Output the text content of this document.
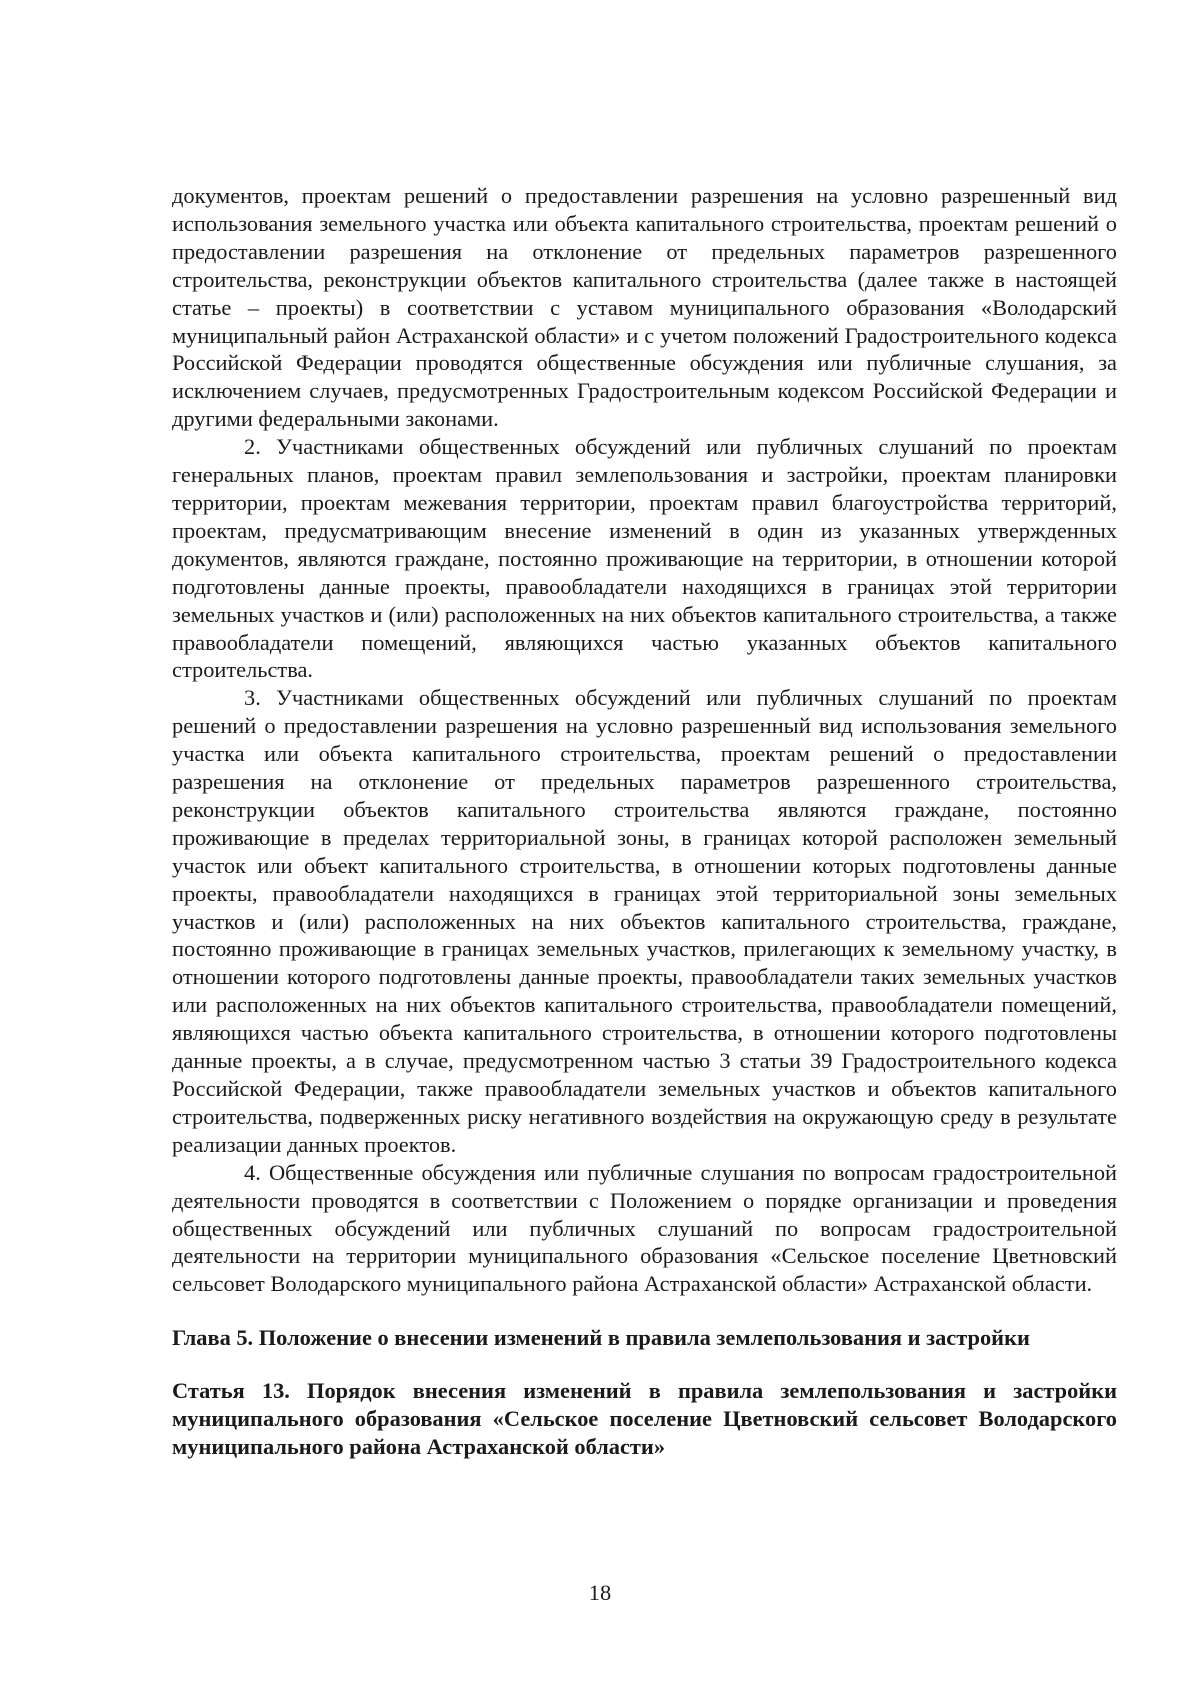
документов, проектам решений о предоставлении разрешения на условно разрешенный вид использования земельного участка или объекта капитального строительства, проектам решений о предоставлении разрешения на отклонение от предельных параметров разрешенного строительства, реконструкции объектов капитального строительства (далее также в настоящей статье – проекты) в соответствии с уставом муниципального образования «Володарский муниципальный район Астраханской области» и с учетом положений Градостроительного кодекса Российской Федерации проводятся общественные обсуждения или публичные слушания, за исключением случаев, предусмотренных Градостроительным кодексом Российской Федерации и другими федеральными законами.

2. Участниками общественных обсуждений или публичных слушаний по проектам генеральных планов, проектам правил землепользования и застройки, проектам планировки территории, проектам межевания территории, проектам правил благоустройства территорий, проектам, предусматривающим внесение изменений в один из указанных утвержденных документов, являются граждане, постоянно проживающие на территории, в отношении которой подготовлены данные проекты, правообладатели находящихся в границах этой территории земельных участков и (или) расположенных на них объектов капитального строительства, а также правообладатели помещений, являющихся частью указанных объектов капитального строительства.

3. Участниками общественных обсуждений или публичных слушаний по проектам решений о предоставлении разрешения на условно разрешенный вид использования земельного участка или объекта капитального строительства, проектам решений о предоставлении разрешения на отклонение от предельных параметров разрешенного строительства, реконструкции объектов капитального строительства являются граждане, постоянно проживающие в пределах территориальной зоны, в границах которой расположен земельный участок или объект капитального строительства, в отношении которых подготовлены данные проекты, правообладатели находящихся в границах этой территориальной зоны земельных участков и (или) расположенных на них объектов капитального строительства, граждане, постоянно проживающие в границах земельных участков, прилегающих к земельному участку, в отношении которого подготовлены данные проекты, правообладатели таких земельных участков или расположенных на них объектов капитального строительства, правообладатели помещений, являющихся частью объекта капитального строительства, в отношении которого подготовлены данные проекты, а в случае, предусмотренном частью 3 статьи 39 Градостроительного кодекса Российской Федерации, также правообладатели земельных участков и объектов капитального строительства, подверженных риску негативного воздействия на окружающую среду в результате реализации данных проектов.

4. Общественные обсуждения или публичные слушания по вопросам градостроительной деятельности проводятся в соответствии с Положением о порядке организации и проведения общественных обсуждений или публичных слушаний по вопросам градостроительной деятельности на территории муниципального образования «Сельское поселение Цветновский сельсовет Володарского муниципального района Астраханской области» Астраханской области.

Глава 5. Положение о внесении изменений в правила землепользования и застройки

Статья 13. Порядок внесения изменений в правила землепользования и застройки муниципального образования «Сельское поселение Цветновский сельсовет Володарского муниципального района Астраханской области»

18
